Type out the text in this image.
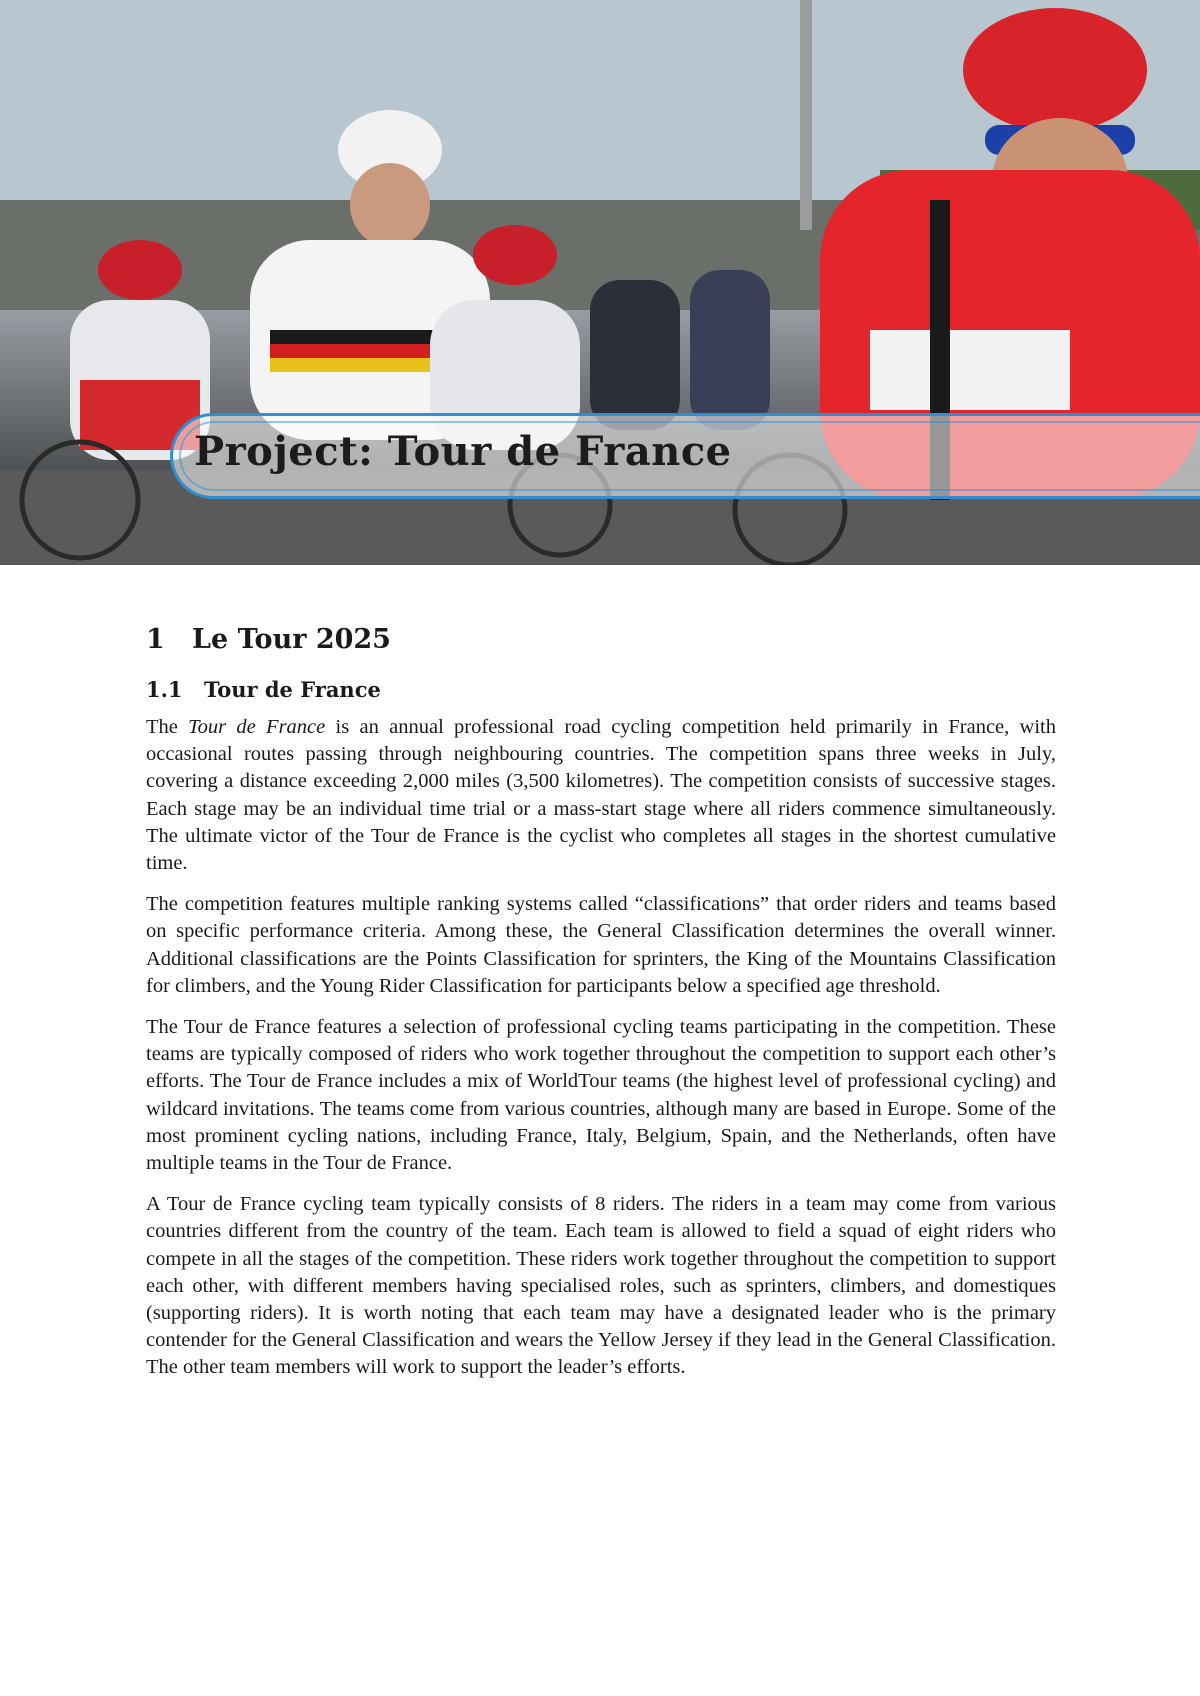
Project: Tour de France
1 Le Tour 2025
1.1 Tour de France

The Tour de France is an annual professional road cycling competition held primarily in France, with occasional routes passing through neighbouring countries. The competition spans three weeks in July, covering a distance exceeding 2,000 miles (3,500 kilometres). The competition consists of successive stages. Each stage may be an individual time trial or a mass-start stage where all riders commence simultaneously. The ultimate victor of the Tour de France is the cyclist who completes all stages in the shortest cumulative time.

The competition features multiple ranking systems called “classifications” that order riders and teams based on specific performance criteria. Among these, the General Classification determines the overall winner. Additional classifications are the Points Classification for sprinters, the King of the Mountains Classification for climbers, and the Young Rider Classification for participants below a specified age threshold.

The Tour de France features a selection of professional cycling teams participating in the competition. These teams are typically composed of riders who work together throughout the competition to support each other’s efforts. The Tour de France includes a mix of WorldTour teams (the highest level of professional cycling) and wildcard invitations. The teams come from various countries, although many are based in Europe. Some of the most prominent cycling nations, including France, Italy, Belgium, Spain, and the Netherlands, often have multiple teams in the Tour de France.

A Tour de France cycling team typically consists of 8 riders. The riders in a team may come from various countries different from the country of the team. Each team is allowed to field a squad of eight riders who compete in all the stages of the competition. These riders work together throughout the competition to support each other, with different members having specialised roles, such as sprinters, climbers, and domestiques (supporting riders). It is worth noting that each team may have a designated leader who is the primary contender for the General Classification and wears the Yellow Jersey if they lead in the General Classification. The other team members will work to support the leader’s efforts.
